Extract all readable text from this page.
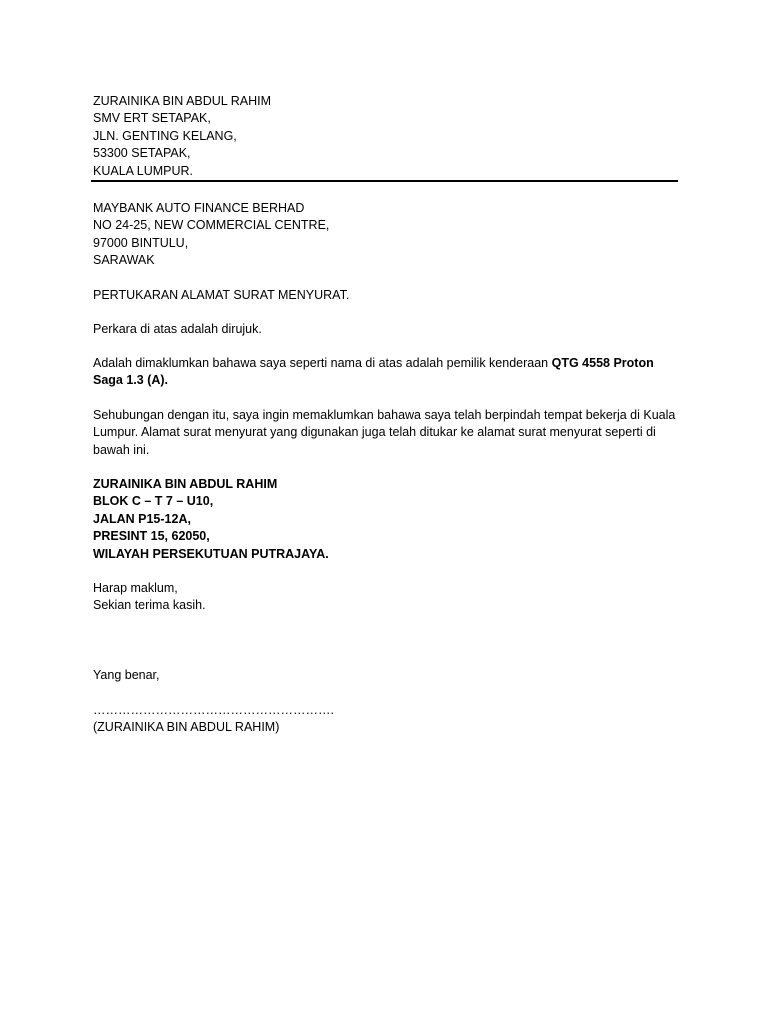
ZURAINIKA BIN ABDUL RAHIM
SMV ERT SETAPAK,
JLN. GENTING KELANG,
53300 SETAPAK,
KUALA LUMPUR.
MAYBANK AUTO FINANCE BERHAD
NO 24-25, NEW COMMERCIAL CENTRE,
97000 BINTULU,
SARAWAK
PERTUKARAN ALAMAT SURAT MENYURAT.
Perkara di atas adalah dirujuk.
Adalah dimaklumkan bahawa saya seperti nama di atas adalah pemilik kenderaan QTG 4558 Proton Saga 1.3 (A).
Sehubungan dengan itu, saya ingin memaklumkan bahawa saya telah berpindah tempat bekerja di Kuala Lumpur. Alamat surat menyurat yang digunakan juga telah ditukar ke alamat surat menyurat seperti di bawah ini.
ZURAINIKA BIN ABDUL RAHIM
BLOK C – T 7 – U10,
JALAN P15-12A,
PRESINT 15, 62050,
WILAYAH PERSEKUTUAN PUTRAJAYA.
Harap maklum,
Sekian terima kasih.
Yang benar,
………………………………………………….
(ZURAINIKA BIN ABDUL RAHIM)
